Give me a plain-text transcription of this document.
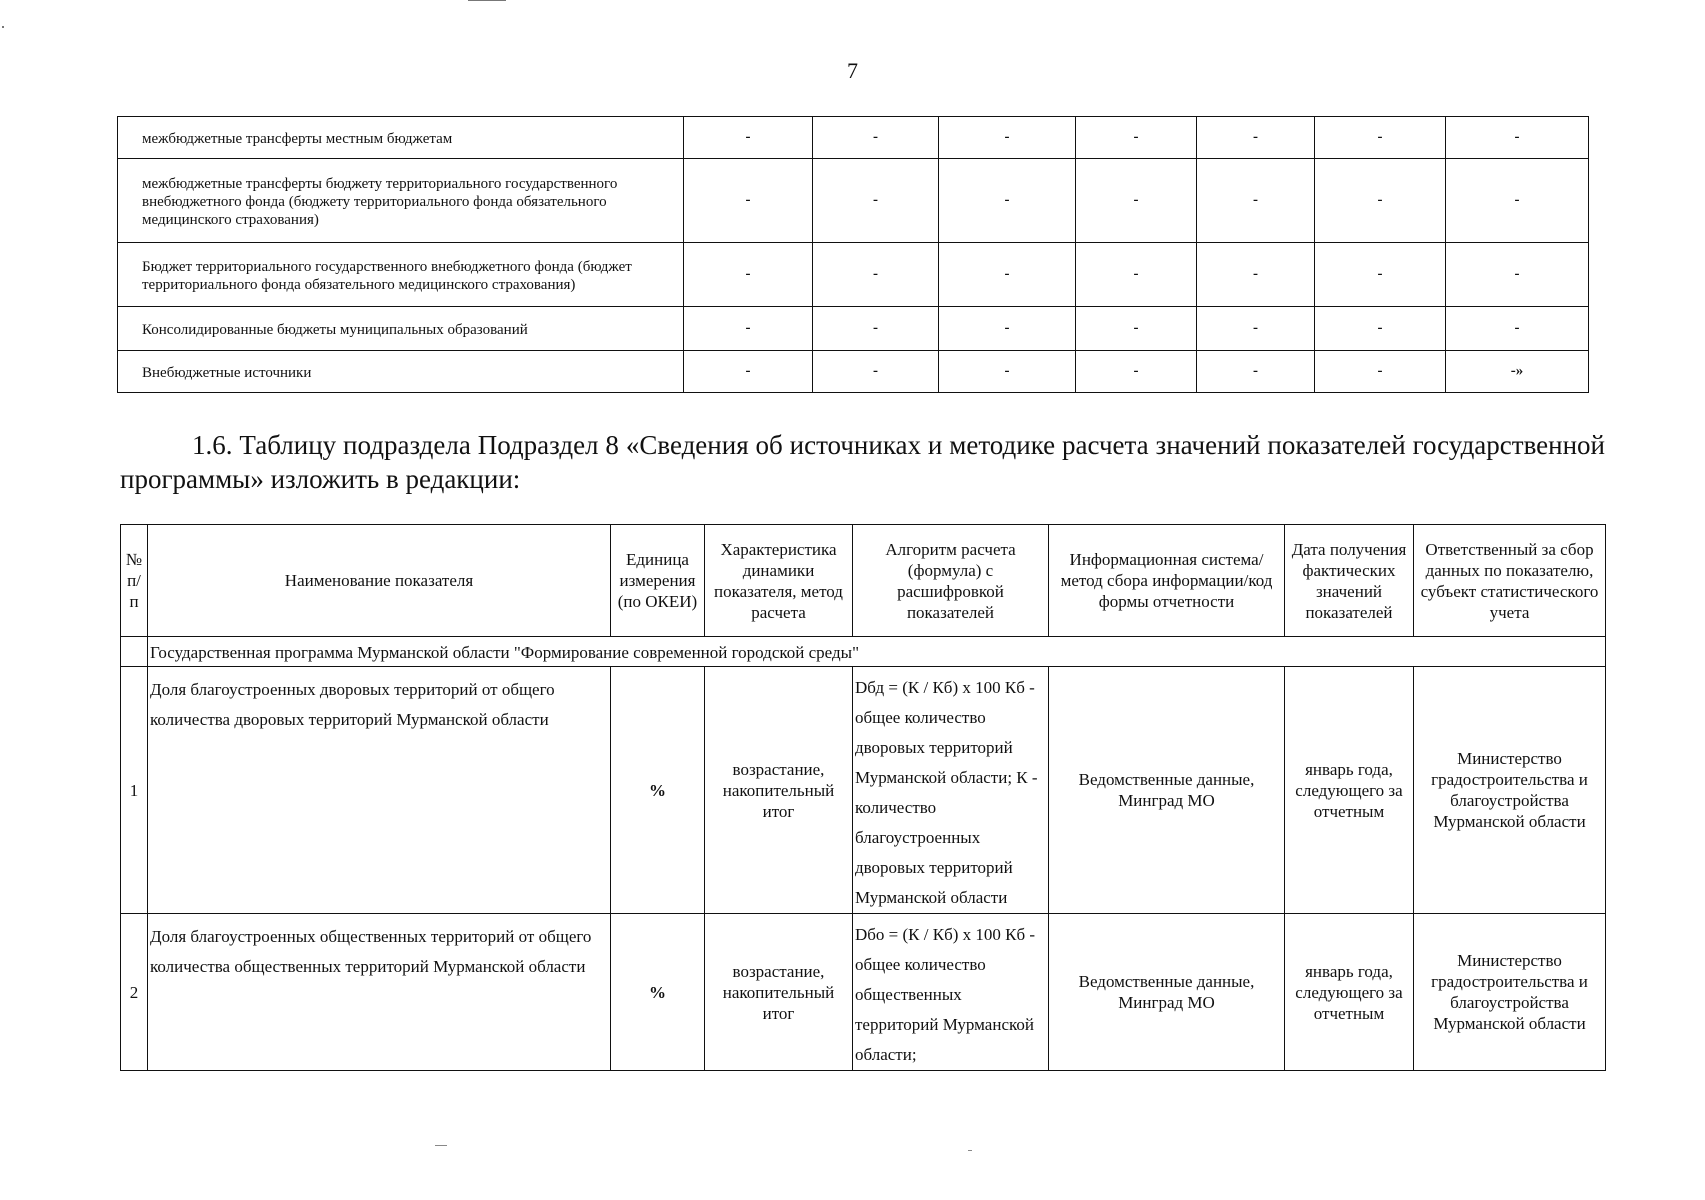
7
межбюджетные трансферты местным бюджетам	-	-	-	-	-	-	-
межбюджетные трансферты бюджету территориального государственного внебюджетного фонда (бюджету территориального фонда обязательного медицинского страхования)	-	-	-	-	-	-	-
Бюджет территориального государственного внебюджетного фонда (бюджет территориального фонда обязательного медицинского страхования)	-	-	-	-	-	-	-
Консолидированные бюджеты муниципальных образований	-	-	-	-	-	-	-
Внебюджетные источники	-	-	-	-	-	-	-»
1.6. Таблицу подраздела Подраздел 8 «Сведения об источниках и методике расчета значений показателей государственной программы» изложить в редакции:
№ п/п	Наименование показателя	Единица измерения (по ОКЕИ)	Характеристика динамики показателя, метод расчета	Алгоритм расчета (формула) с расшифровкой показателей	Информационная система/метод сбора информации/код формы отчетности	Дата получения фактических значений показателей	Ответственный за сбор данных по показателю, субъект статистического учета
	Государственная программа Мурманской области "Формирование современной городской среды"						
1	Доля благоустроенных дворовых территорий от общего количества дворовых территорий Мурманской области	%	возрастание, накопительный итог	Dбд = (К / Кб) х 100 Кб - общее количество дворовых территорий Мурманской области; К - количество благоустроенных дворовых территорий Мурманской области	Ведомственные данные, Минград МО	январь года, следующего за отчетным	Министерство градостроительства и благоустройства Мурманской области
2	Доля благоустроенных общественных территорий от общего количества общественных территорий Мурманской области	%	возрастание, накопительный итог	Dбо = (К / Кб) х 100 Кб - общее количество общественных территорий Мурманской области;	Ведомственные данные, Минград МО	январь года, следующего за отчетным	Министерство градостроительства и благоустройства Мурманской области
